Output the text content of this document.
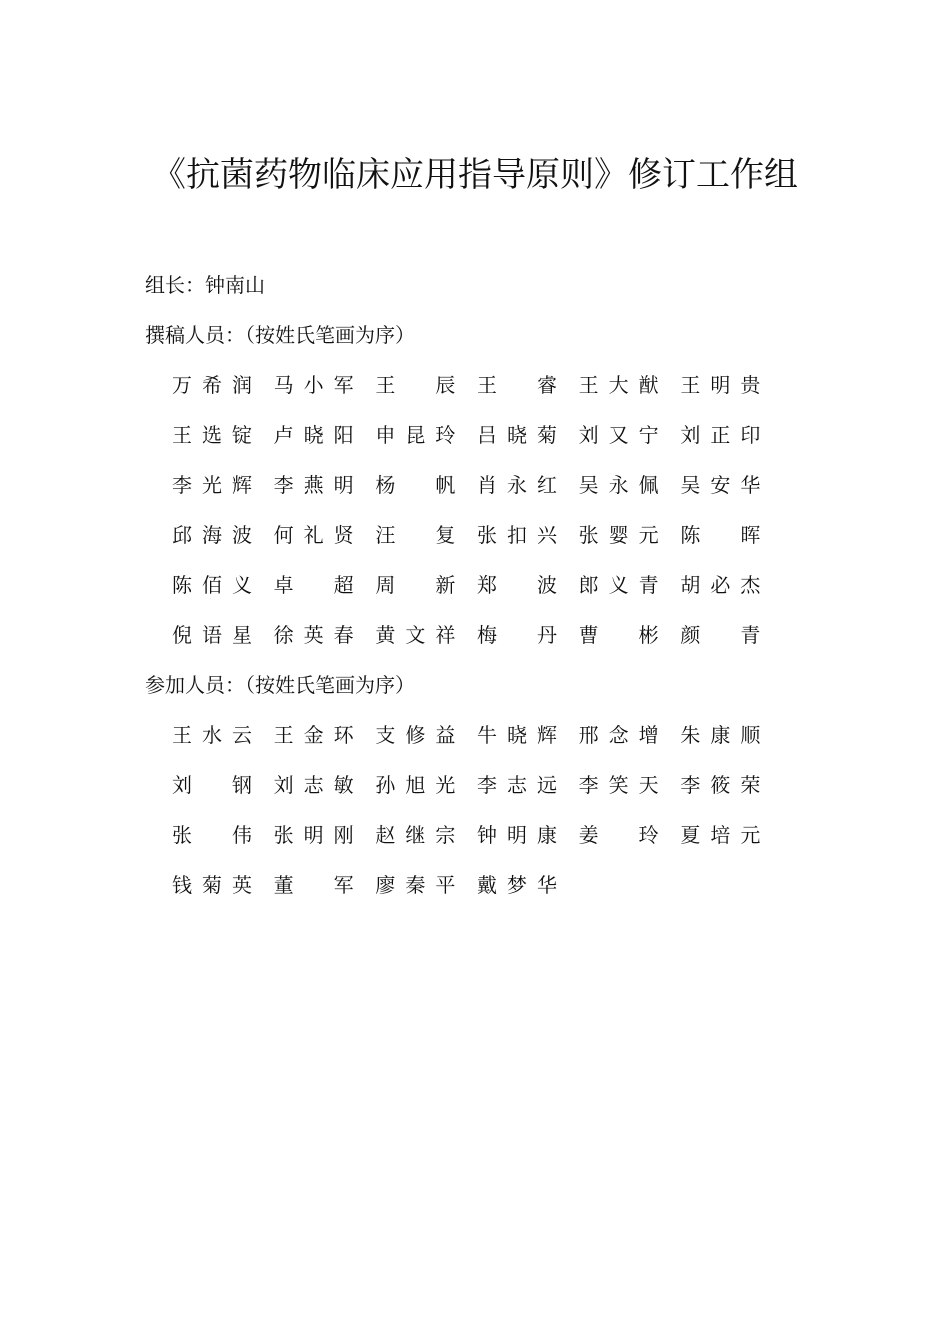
《抗菌药物临床应用指导原则》修订工作组
组长：钟南山
撰稿人员：（按姓氏笔画为序）
万 希 润 马 小 军 王 辰 王 睿 王 大 猷 王 明 贵
王 选 锭 卢 晓 阳 申 昆 玲 吕 晓 菊 刘 又 宁 刘 正 印
李 光 辉 李 燕 明 杨 帆 肖 永 红 吴 永 佩 吴 安 华
邱 海 波 何 礼 贤 汪 复 张 扣 兴 张 婴 元 陈 晖
陈 佰 义 卓 超 周 新 郑 波 郎 义 青 胡 必 杰
倪 语 星 徐 英 春 黄 文 祥 梅 丹 曹 彬 颜 青
参加人员：（按姓氏笔画为序）
王 水 云 王 金 环 支 修 益 牛 晓 辉 邢 念 增 朱 康 顺
刘 钢 刘 志 敏 孙 旭 光 李 志 远 李 笑 天 李 筱 荣
张 伟 张 明 刚 赵 继 宗 钟 明 康 姜 玲 夏 培 元
钱 菊 英 董 军 廖 秦 平 戴 梦 华
